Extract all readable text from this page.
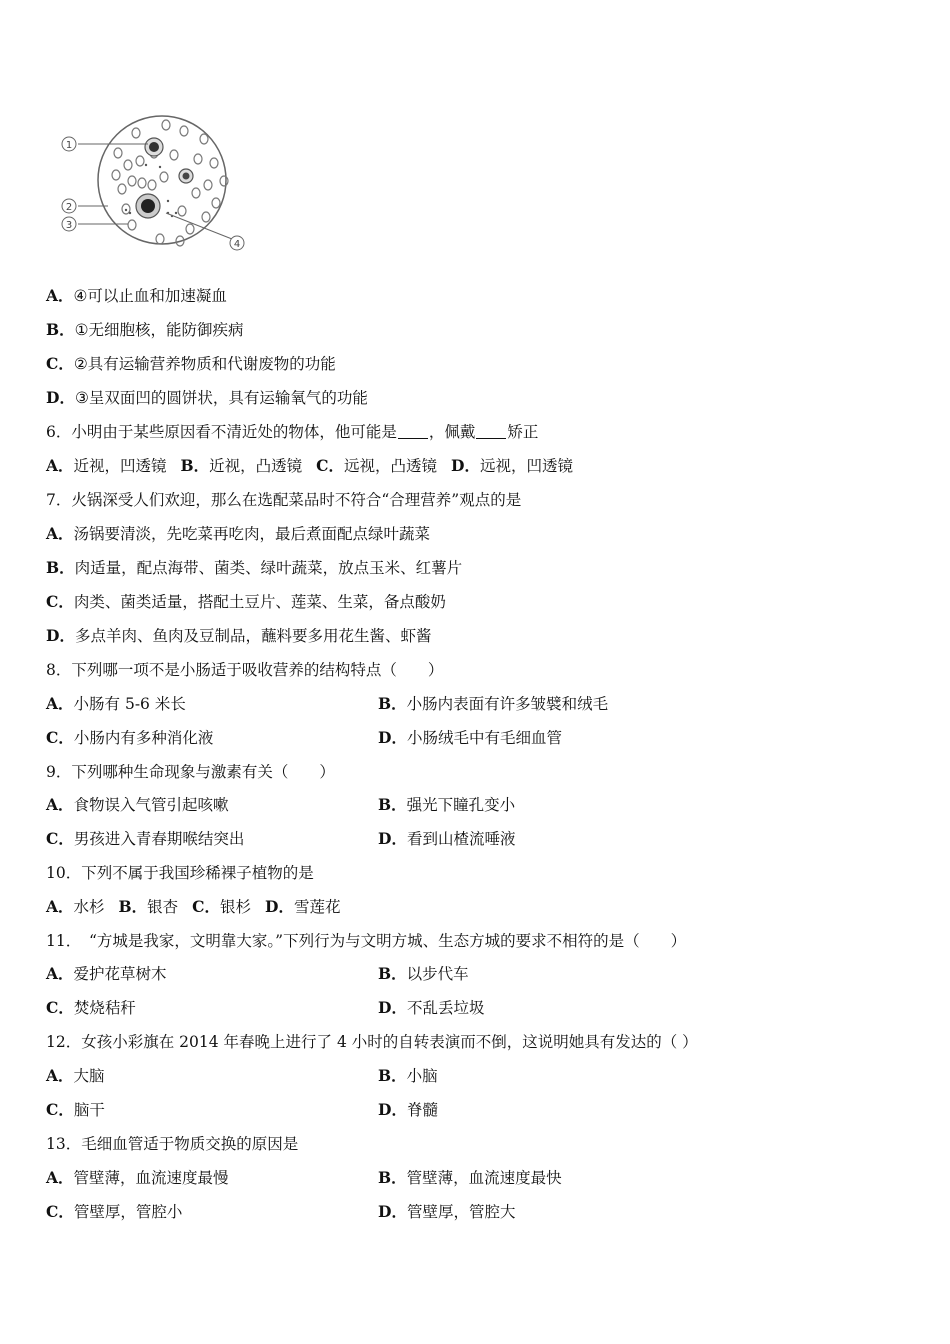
1
2
3
4
A．④可以止血和加速凝血
B．①无细胞核，能防御疾病
C．②具有运输营养物质和代谢废物的功能
D．③呈双面凹的圆饼状，具有运输氧气的功能
6．小明由于某些原因看不清近处的物体，他可能是 ，佩戴 矫正
A．近视，凹透镜 B．近视，凸透镜 C．远视，凸透镜 D．远视，凹透镜
7．火锅深受人们欢迎，那么在选配菜品时不符合“合理营养”观点的是
A．汤锅要清淡，先吃菜再吃肉，最后煮面配点绿叶蔬菜
B．肉适量，配点海带、菌类、绿叶蔬菜，放点玉米、红薯片
C．肉类、菌类适量，搭配土豆片、莲菜、生菜，备点酸奶
D．多点羊肉、鱼肉及豆制品，蘸料要多用花生酱、虾酱
8．下列哪一项不是小肠适于吸收营养的结构特点（　　）
A．小肠有 5-6 米长	B．小肠内表面有许多皱襞和绒毛
C．小肠内有多种消化液	D．小肠绒毛中有毛细血管
9．下列哪种生命现象与激素有关（　　）
A．食物误入气管引起咳嗽	B．强光下瞳孔变小
C．男孩进入青春期喉结突出	D．看到山楂流唾液
10．下列不属于我国珍稀裸子植物的是
A．水杉 B．银杏 C．银杉 D．雪莲花
11．　“方城是我家，文明靠大家。”下列行为与文明方城、生态方城的要求不相符的是（　　）
A．爱护花草树木	B．以步代车
C．焚烧秸秆	D．不乱丢垃圾
12．女孩小彩旗在 2014 年春晚上进行了 4 小时的自转表演而不倒，这说明她具有发达的（ ）
A．大脑	B．小脑
C．脑干	D．脊髓
13．毛细血管适于物质交换的原因是
A．管壁薄，血流速度最慢	B．管壁薄，血流速度最快
C．管壁厚，管腔小	D．管壁厚，管腔大
